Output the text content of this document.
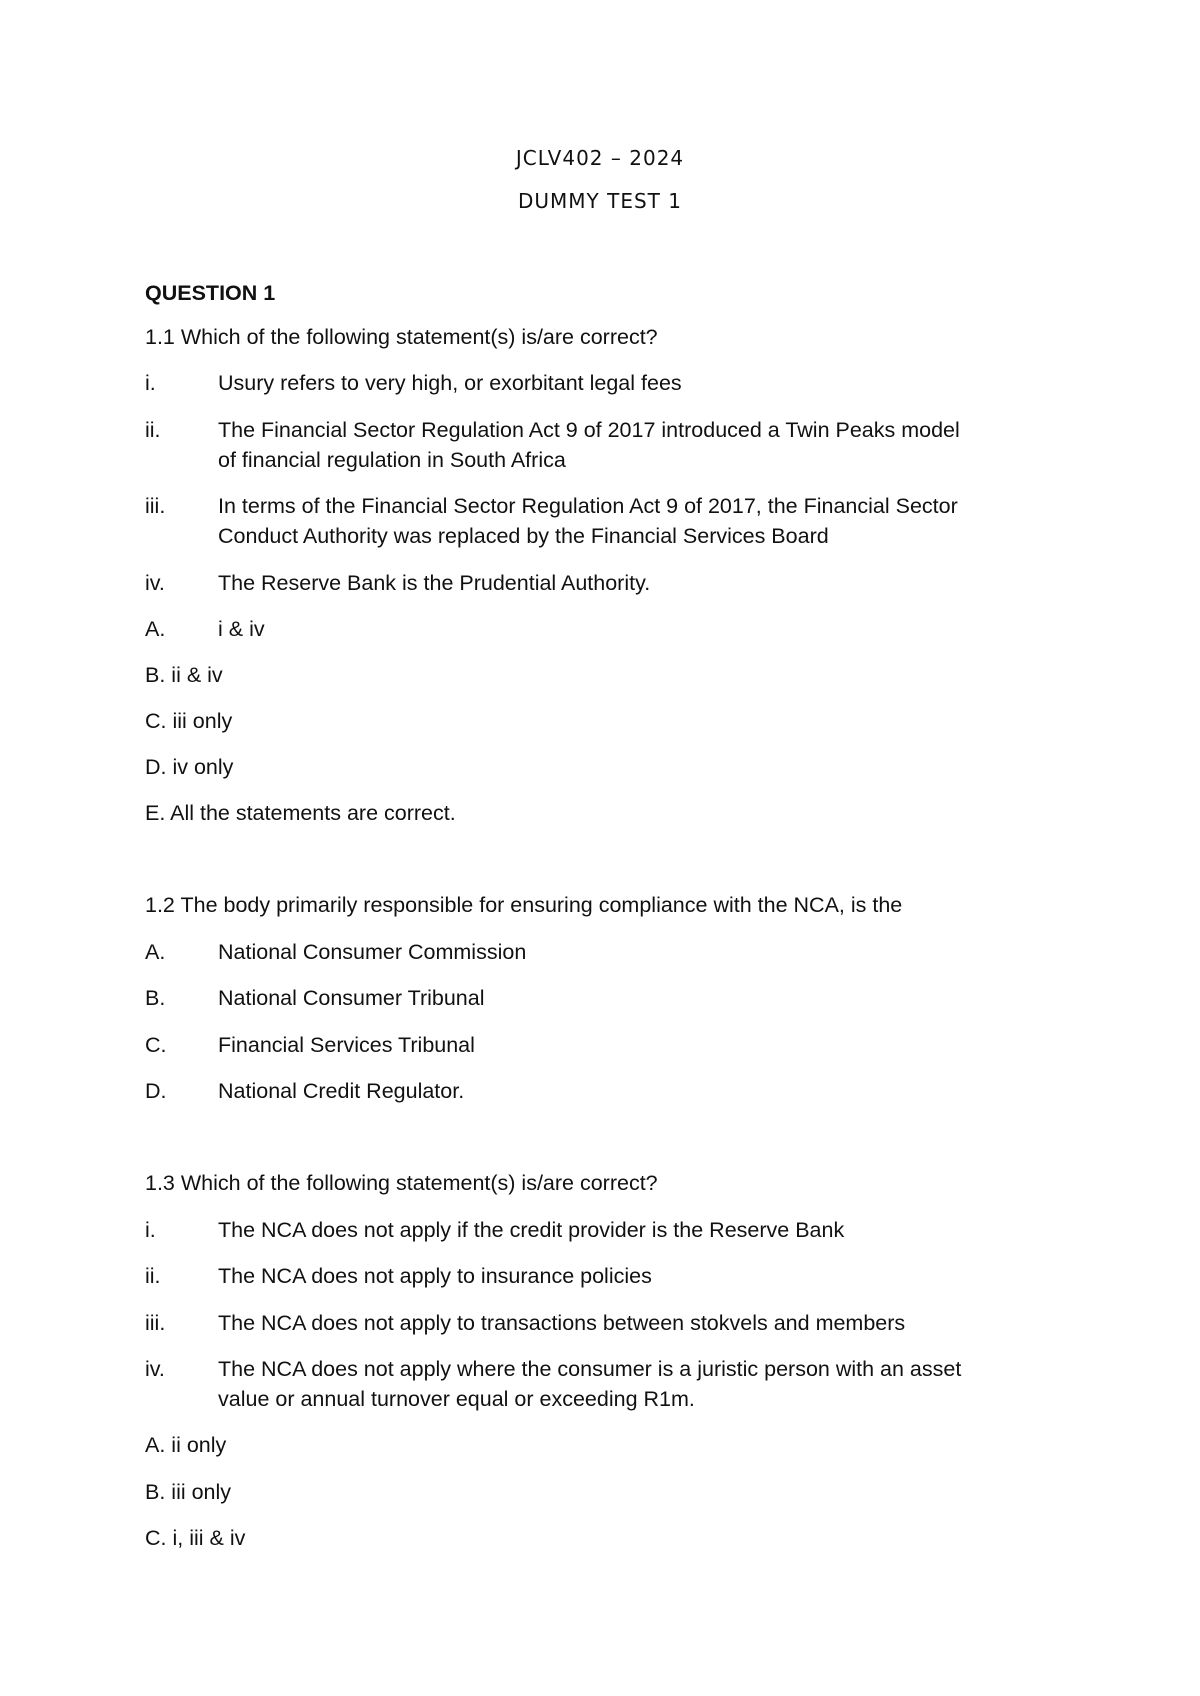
JCLV402 – 2024
DUMMY TEST 1
QUESTION 1
1.1 Which of the following statement(s) is/are correct?
i.	Usury refers to very high, or exorbitant legal fees
ii.	The Financial Sector Regulation Act 9 of 2017 introduced a Twin Peaks model
of financial regulation in South Africa
iii. In terms of the Financial Sector Regulation Act 9 of 2017, the Financial Sector
Conduct Authority was replaced by the Financial Services Board
iv. The Reserve Bank is the Prudential Authority.
A. i & iv
B. ii & iv
C. iii only
D. iv only
E. All the statements are correct.
1.2 The body primarily responsible for ensuring compliance with the NCA, is the
A. National Consumer Commission
B. National Consumer Tribunal
C. Financial Services Tribunal
D. National Credit Regulator.
1.3 Which of the following statement(s) is/are correct?
i.	The NCA does not apply if the credit provider is the Reserve Bank
ii.	The NCA does not apply to insurance policies
iii. The NCA does not apply to transactions between stokvels and members
iv. The NCA does not apply where the consumer is a juristic person with an asset
value or annual turnover equal or exceeding R1m.
A. ii only
B. iii only
C. i, iii & iv
